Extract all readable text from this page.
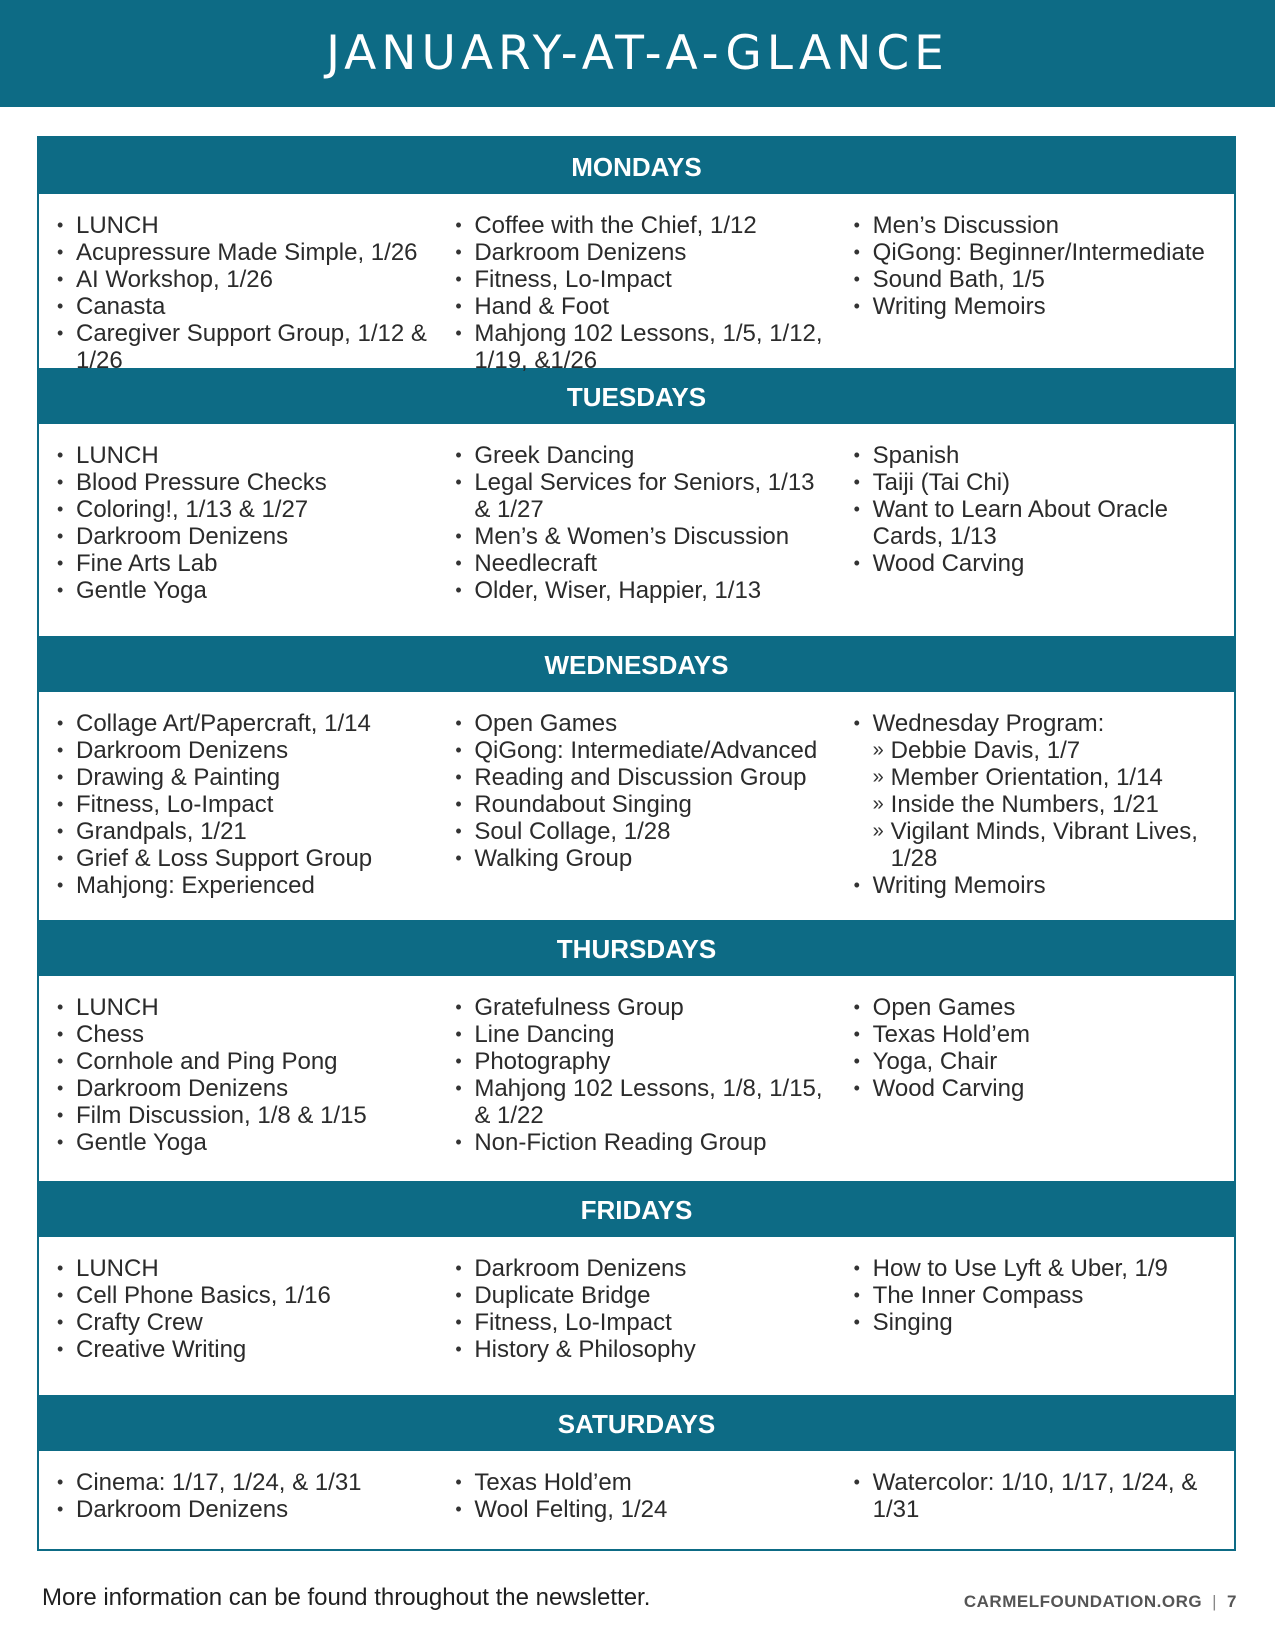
JANUARY-AT-A-GLANCE
MONDAYS
• LUNCH
• Acupressure Made Simple, 1/26
• AI Workshop, 1/26
• Canasta
• Caregiver Support Group, 1/12 & 1/26
• Coffee with the Chief, 1/12
• Darkroom Denizens
• Fitness, Lo-Impact
• Hand & Foot
• Mahjong 102 Lessons, 1/5, 1/12, 1/19, &1/26
• Men’s Discussion
• QiGong: Beginner/Intermediate
• Sound Bath, 1/5
• Writing Memoirs
TUESDAYS
• LUNCH
• Blood Pressure Checks
• Coloring!, 1/13 & 1/27
• Darkroom Denizens
• Fine Arts Lab
• Gentle Yoga
• Greek Dancing
• Legal Services for Seniors, 1/13 & 1/27
• Men’s & Women’s Discussion
• Needlecraft
• Older, Wiser, Happier, 1/13
• Spanish
• Taiji (Tai Chi)
• Want to Learn About Oracle Cards, 1/13
• Wood Carving
WEDNESDAYS
• Collage Art/Papercraft, 1/14
• Darkroom Denizens
• Drawing & Painting
• Fitness, Lo-Impact
• Grandpals, 1/21
• Grief & Loss Support Group
• Mahjong: Experienced
• Open Games
• QiGong: Intermediate/Advanced
• Reading and Discussion Group
• Roundabout Singing
• Soul Collage, 1/28
• Walking Group
• Wednesday Program:
» Debbie Davis, 1/7
» Member Orientation, 1/14
» Inside the Numbers, 1/21
» Vigilant Minds, Vibrant Lives, 1/28
• Writing Memoirs
THURSDAYS
• LUNCH
• Chess
• Cornhole and Ping Pong
• Darkroom Denizens
• Film Discussion, 1/8 & 1/15
• Gentle Yoga
• Gratefulness Group
• Line Dancing
• Photography
• Mahjong 102 Lessons, 1/8, 1/15, & 1/22
• Non-Fiction Reading Group
• Open Games
• Texas Hold’em
• Yoga, Chair
• Wood Carving
FRIDAYS
• LUNCH
• Cell Phone Basics, 1/16
• Crafty Crew
• Creative Writing
• Darkroom Denizens
• Duplicate Bridge
• Fitness, Lo-Impact
• History & Philosophy
• How to Use Lyft & Uber, 1/9
• The Inner Compass
• Singing
SATURDAYS
• Cinema: 1/17, 1/24, & 1/31
• Darkroom Denizens
• Texas Hold’em
• Wool Felting, 1/24
• Watercolor: 1/10, 1/17, 1/24, & 1/31
More information can be found throughout the newsletter.	CARMELFOUNDATION.ORG | 7
